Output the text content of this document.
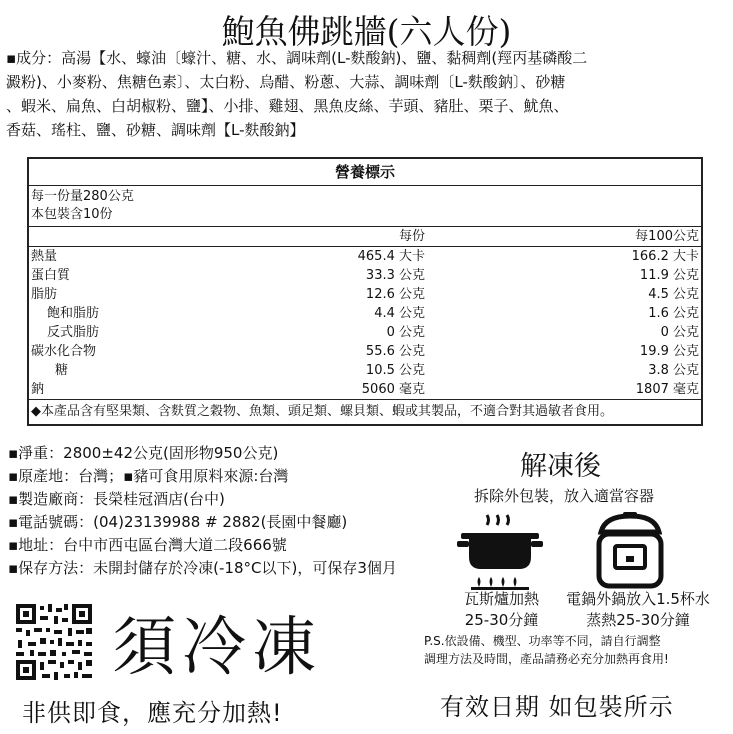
鮑魚佛跳牆(六人份)
▪成分：高湯【水、蠔油〔蠔汁、糖、水、調味劑(L-麩酸鈉)、鹽、黏稠劑(羥丙基磷酸二
澱粉)、小麥粉、焦糖色素〕、太白粉、烏醋、粉蔥、大蒜、調味劑〔L-麩酸鈉〕、砂糖
、蝦米、扁魚、白胡椒粉、鹽】、小排、雞翅、黑魚皮絲、芋頭、豬肚、栗子、魷魚、
香菇、瑤柱、鹽、砂糖、調味劑【L-麩酸鈉】
營養標示
每一份量280公克
本包裝含10份
	每份	每100公克
熱量	465.4 大卡	166.2 大卡
蛋白質	33.3 公克	11.9 公克
脂肪	12.6 公克	4.5 公克
飽和脂肪	4.4 公克	1.6 公克
反式脂肪	0 公克	0 公克
碳水化合物	55.6 公克	19.9 公克
糖	10.5 公克	3.8 公克
鈉	5060 毫克	1807 毫克
◆本產品含有堅果類、含麩質之穀物、魚類、頭足類、螺貝類、蝦或其製品，不適合對其過敏者食用。
▪淨重：2800±42公克(固形物950公克)
▪原產地：台灣；▪豬可食用原料來源:台灣
▪製造廠商：長榮桂冠酒店(台中)
▪電話號碼：(04)23139988 # 2882(長園中餐廳)
▪地址：台中市西屯區台灣大道二段666號
▪保存方法：未開封儲存於冷凍(-18°C以下)，可保存3個月
解凍後
拆除外包裝，放入適當容器
瓦斯爐加熱
25-30分鐘
電鍋外鍋放入1.5杯水
蒸熱25-30分鐘
P.S.依設備、機型、功率等不同，請自行調整
調理方法及時間，產品請務必充分加熱再食用!
須冷凍
非供即食，應充分加熱!	有效日期 如包裝所示
